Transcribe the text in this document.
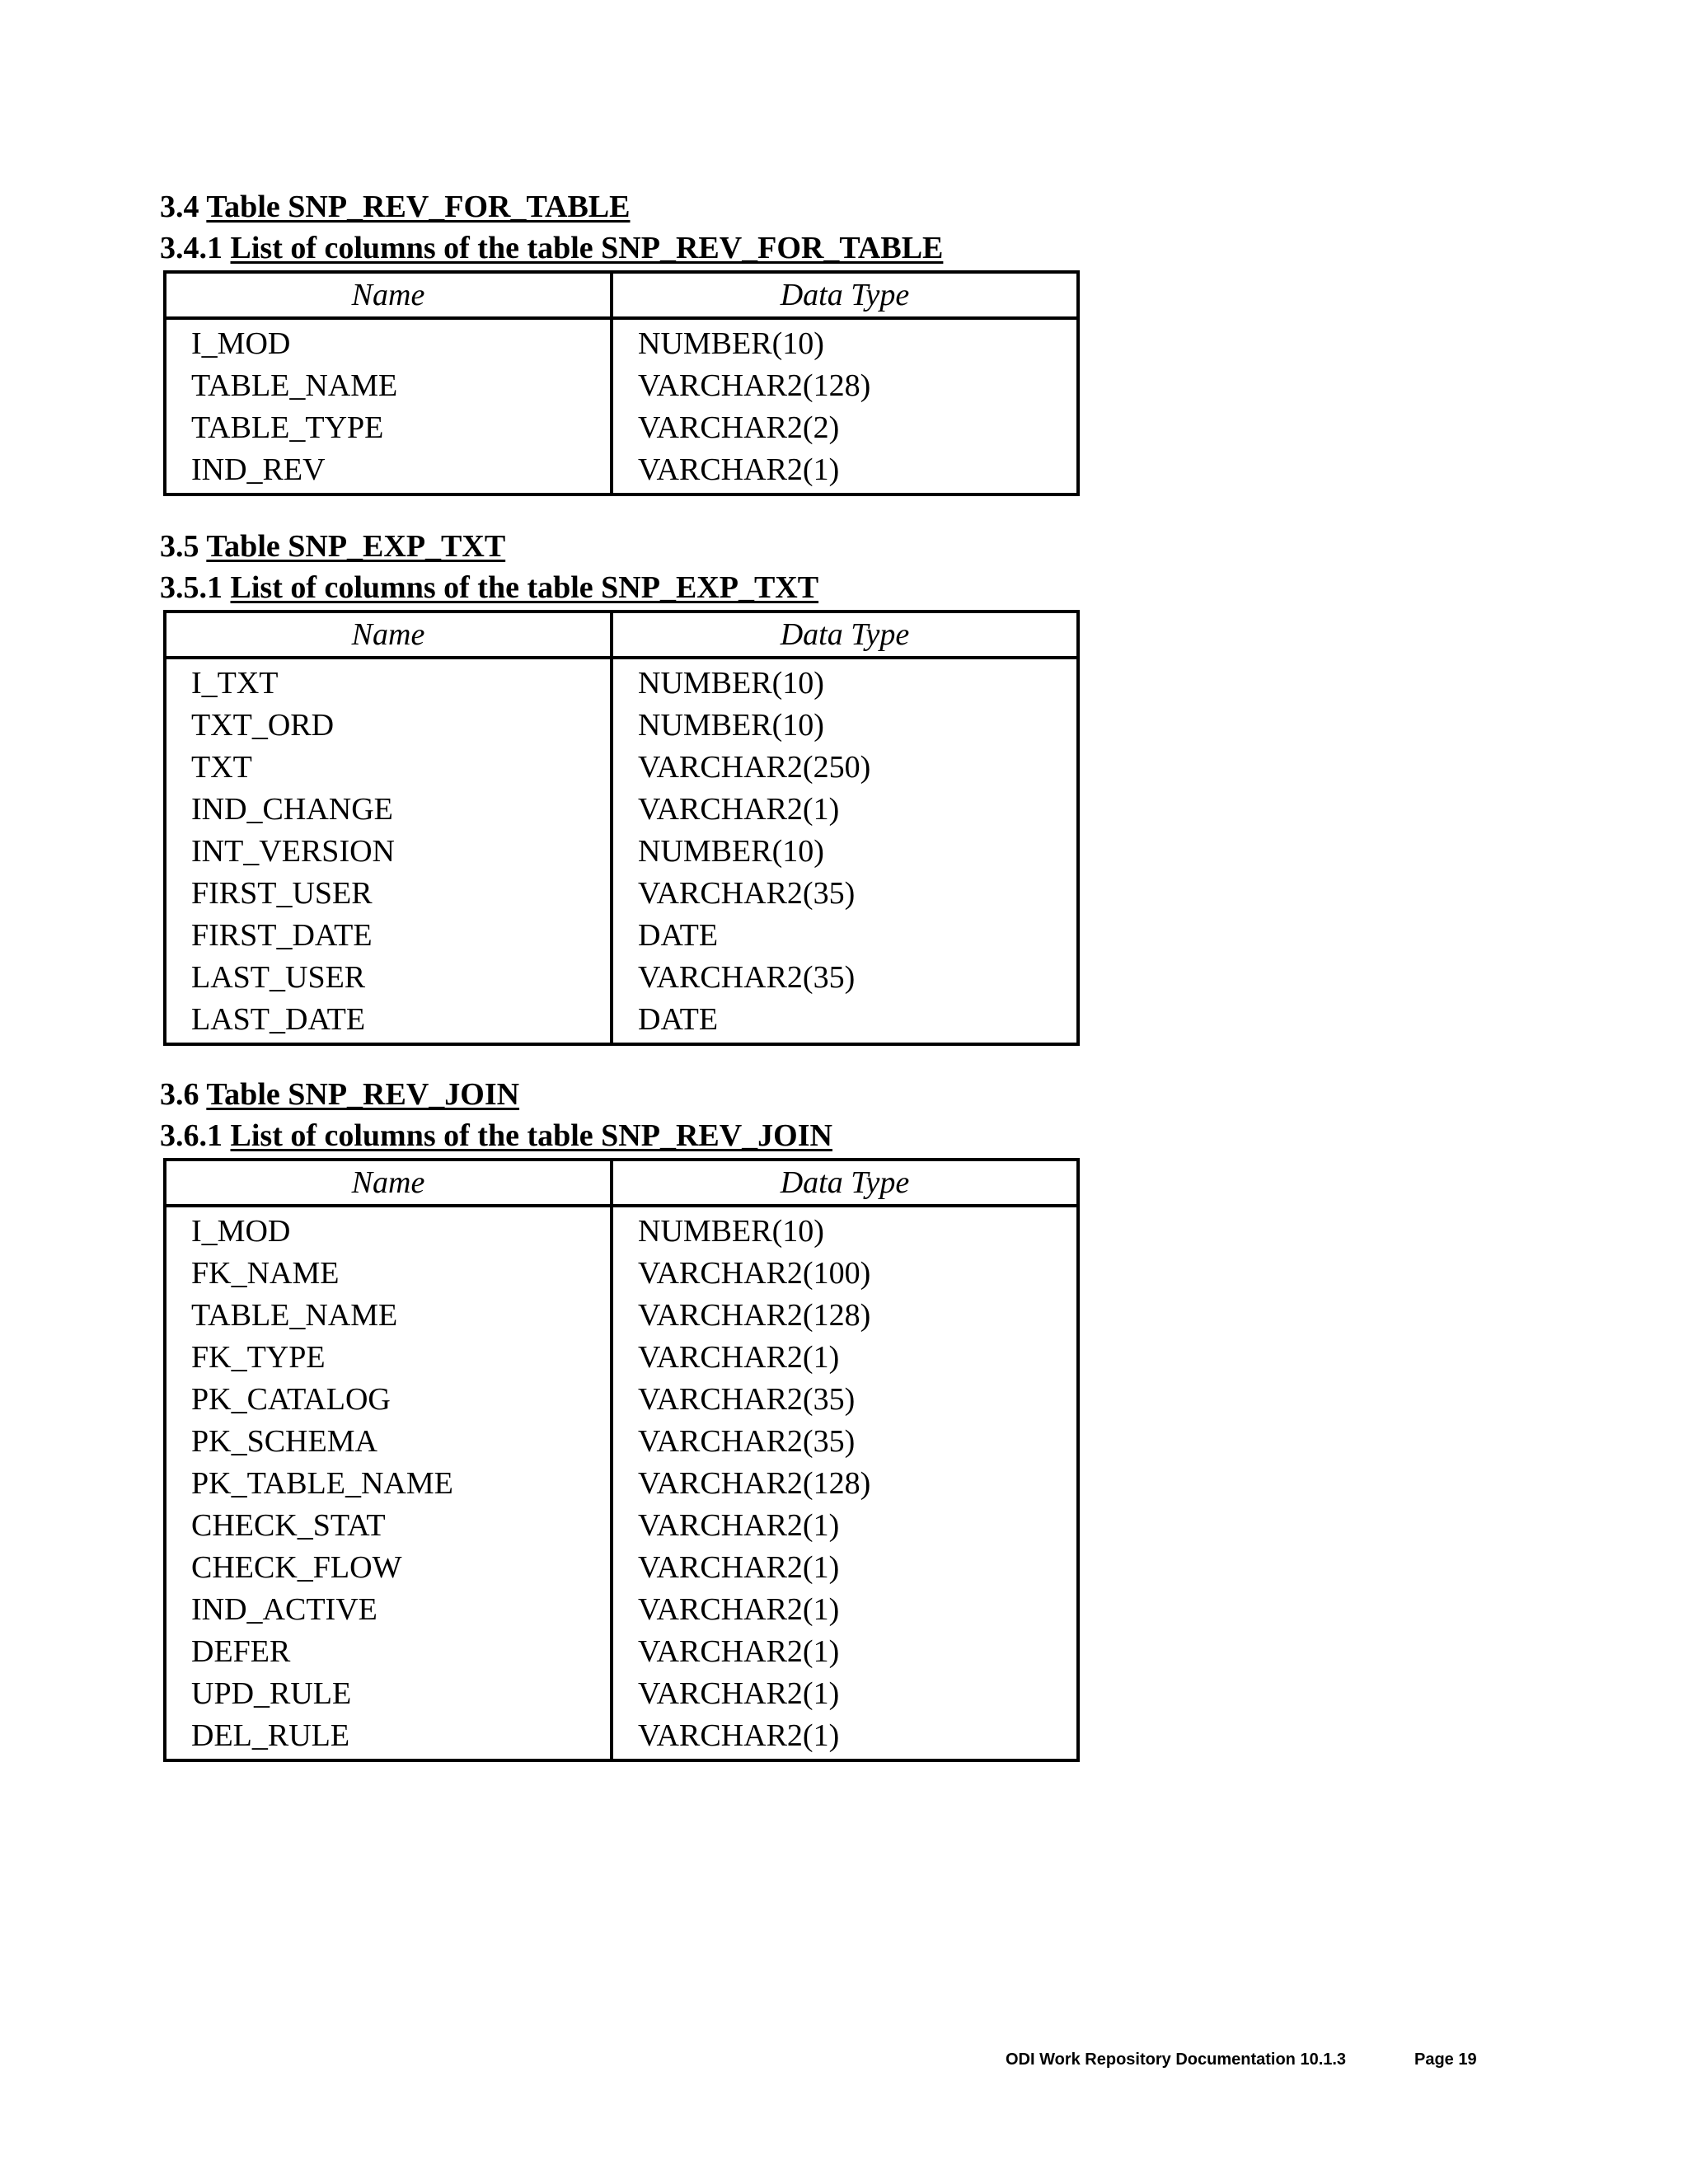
3.4 Table SNP_REV_FOR_TABLE
3.4.1 List of columns of the table SNP_REV_FOR_TABLE
Name	Data Type
I_MOD	NUMBER(10)
TABLE_NAME	VARCHAR2(128)
TABLE_TYPE	VARCHAR2(2)
IND_REV	VARCHAR2(1)
3.5 Table SNP_EXP_TXT
3.5.1 List of columns of the table SNP_EXP_TXT
Name	Data Type
I_TXT	NUMBER(10)
TXT_ORD	NUMBER(10)
TXT	VARCHAR2(250)
IND_CHANGE	VARCHAR2(1)
INT_VERSION	NUMBER(10)
FIRST_USER	VARCHAR2(35)
FIRST_DATE	DATE
LAST_USER	VARCHAR2(35)
LAST_DATE	DATE
3.6 Table SNP_REV_JOIN
3.6.1 List of columns of the table SNP_REV_JOIN
Name	Data Type
I_MOD	NUMBER(10)
FK_NAME	VARCHAR2(100)
TABLE_NAME	VARCHAR2(128)
FK_TYPE	VARCHAR2(1)
PK_CATALOG	VARCHAR2(35)
PK_SCHEMA	VARCHAR2(35)
PK_TABLE_NAME	VARCHAR2(128)
CHECK_STAT	VARCHAR2(1)
CHECK_FLOW	VARCHAR2(1)
IND_ACTIVE	VARCHAR2(1)
DEFER	VARCHAR2(1)
UPD_RULE	VARCHAR2(1)
DEL_RULE	VARCHAR2(1)
ODI Work Repository Documentation 10.1.3	Page 19
